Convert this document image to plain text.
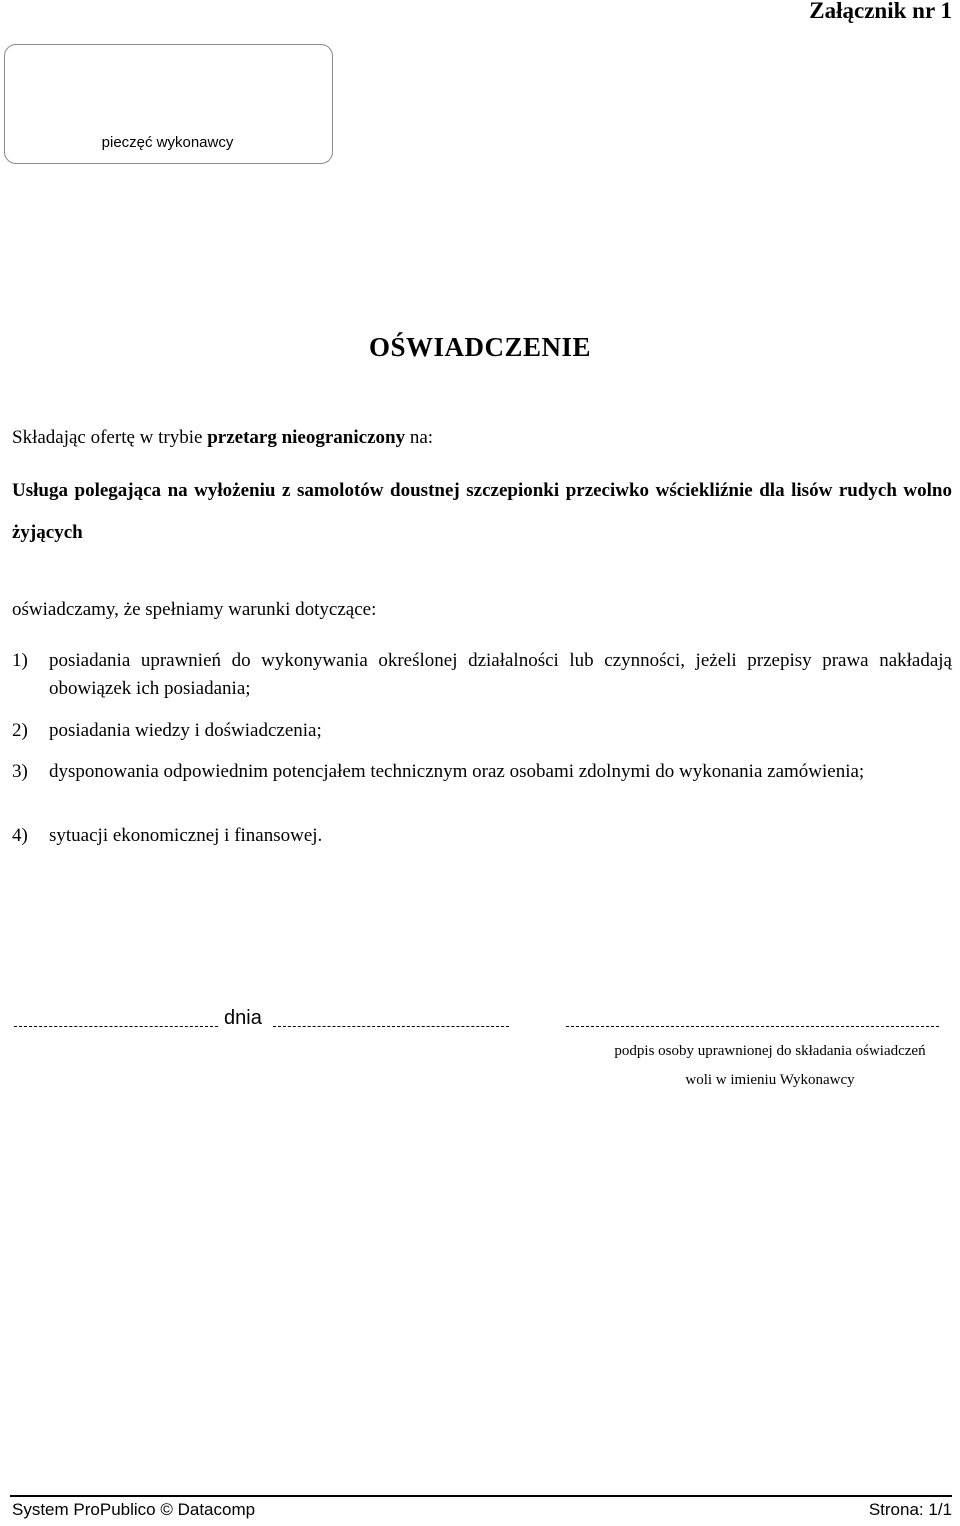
Załącznik nr 1
pieczęć wykonawcy
OŚWIADCZENIE
Składając ofertę w trybie przetarg nieograniczony na:
Usługa polegająca na wyłożeniu z samolotów doustnej szczepionki przeciwko wściekliźnie dla lisów rudych wolno żyjących
oświadczamy, że spełniamy warunki dotyczące:
1)	posiadania uprawnień do wykonywania określonej działalności lub czynności, jeżeli przepisy prawa nakładają obowiązek ich posiadania;
2)	posiadania wiedzy i doświadczenia;
3)	dysponowania odpowiednim potencjałem technicznym oraz osobami zdolnymi do wykonania zamówienia;
4)	sytuacji ekonomicznej i finansowej.
dnia
podpis osoby uprawnionej do składania oświadczeń
woli w imieniu Wykonawcy
System ProPublico © Datacomp	Strona: 1/1
